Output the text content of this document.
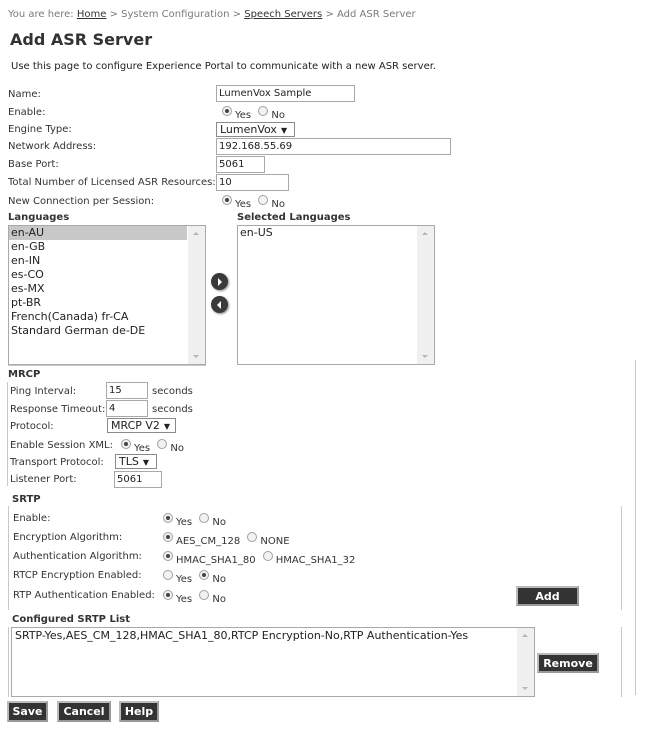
You are here: Home > System Configuration > Speech Servers > Add ASR Server
Add ASR Server
Use this page to configure Experience Portal to communicate with a new ASR server.
Name:	LumenVox Sample
Enable:	Yes No
Engine Type:	LumenVox ▼
Network Address:	192.168.55.69
Base Port:	5061
Total Number of Licensed ASR Resources: 10
New Connection per Session:	Yes No
Languages	Selected Languages
en-AU
en-GB
en-IN
es-CO
es-MX
pt-BR
French(Canada) fr-CA
Standard German de-DE
en-US
MRCP
Ping Interval:	15	seconds
Response Timeout: 4	seconds
Protocol:	MRCP V2 ▼
Enable Session XML:	Yes No
Transport Protocol:	TLS ▼
Listener Port:	5061
SRTP
Enable:	Yes No
Encryption Algorithm:	AES_CM_128 NONE
Authentication Algorithm:	HMAC_SHA1_80 HMAC_SHA1_32
RTCP Encryption Enabled:	Yes No
RTP Authentication Enabled:	Yes No	Add
Configured SRTP List
SRTP-Yes,AES_CM_128,HMAC_SHA1_80,RTCP Encryption-No,RTP Authentication-Yes
Remove
Save	Cancel	Help
